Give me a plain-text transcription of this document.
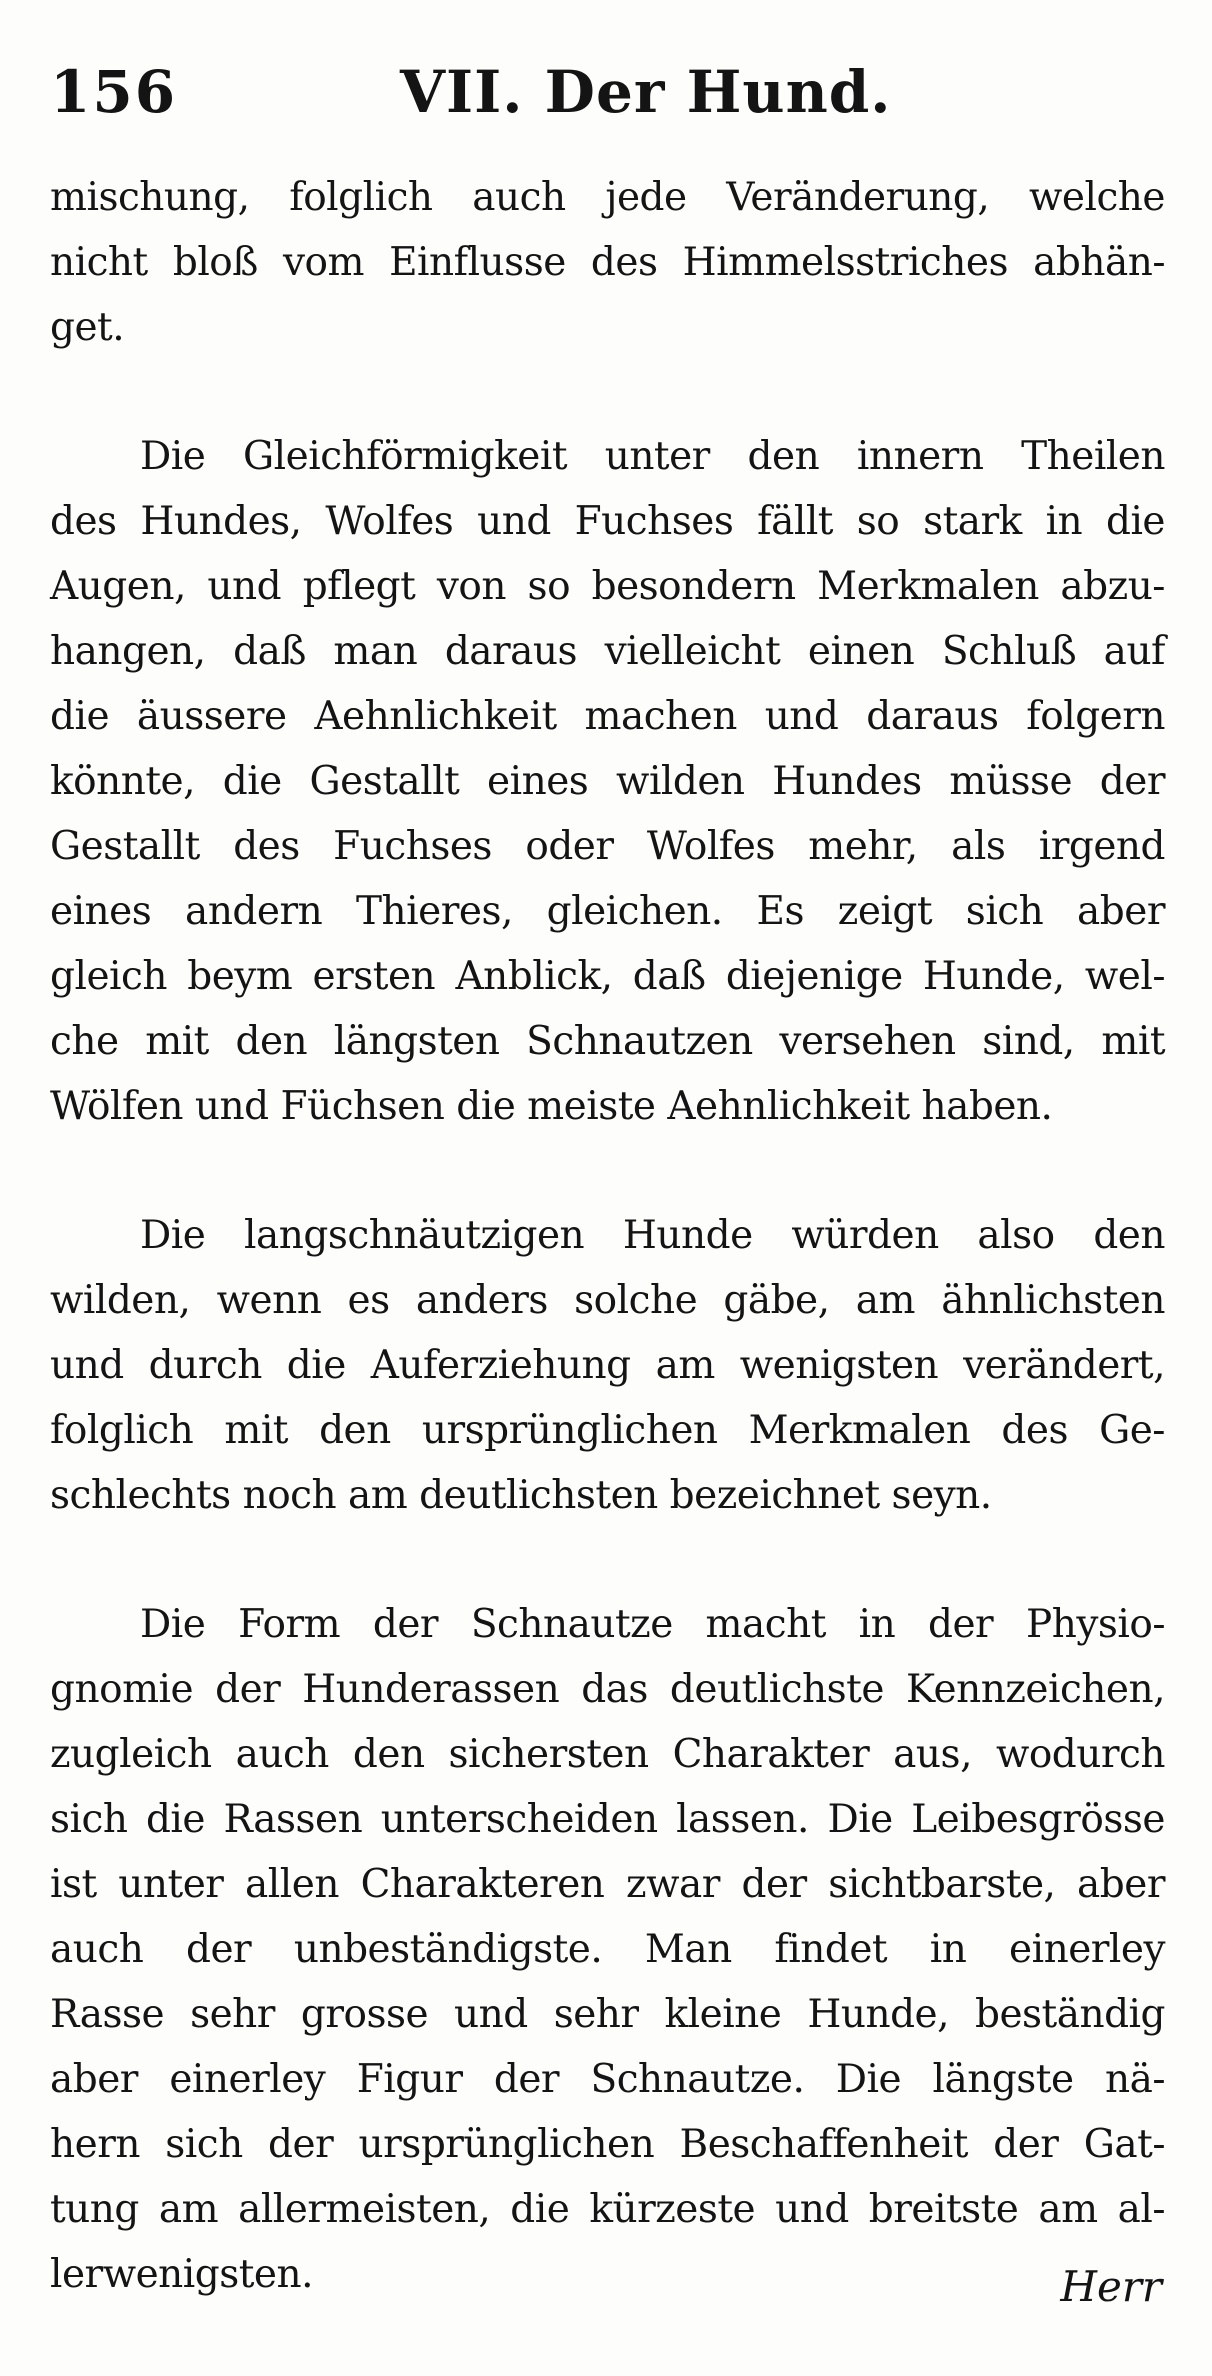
156	VII. Der Hund.
mischung, folglich auch jede Veränderung, welche
nicht bloß vom Einflusse des Himmelsstriches abhän-
get.
Die Gleichförmigkeit unter den innern Theilen
des Hundes, Wolfes und Fuchses fällt so stark in die
Augen, und pflegt von so besondern Merkmalen abzu-
hangen, daß man daraus vielleicht einen Schluß auf
die äussere Aehnlichkeit machen und daraus folgern
könnte, die Gestallt eines wilden Hundes müsse der
Gestallt des Fuchses oder Wolfes mehr, als irgend
eines andern Thieres, gleichen. Es zeigt sich aber
gleich beym ersten Anblick, daß diejenige Hunde, wel-
che mit den längsten Schnautzen versehen sind, mit
Wölfen und Füchsen die meiste Aehnlichkeit haben.
Die langschnäutzigen Hunde würden also den
wilden, wenn es anders solche gäbe, am ähnlichsten
und durch die Auferziehung am wenigsten verändert,
folglich mit den ursprünglichen Merkmalen des Ge-
schlechts noch am deutlichsten bezeichnet seyn.
Die Form der Schnautze macht in der Physio-
gnomie der Hunderassen das deutlichste Kennzeichen,
zugleich auch den sichersten Charakter aus, wodurch
sich die Rassen unterscheiden lassen. Die Leibesgrösse
ist unter allen Charakteren zwar der sichtbarste, aber
auch der unbeständigste. Man findet in einerley
Rasse sehr grosse und sehr kleine Hunde, beständig
aber einerley Figur der Schnautze. Die längste nä-
hern sich der ursprünglichen Beschaffenheit der Gat-
tung am allermeisten, die kürzeste und breitste am al-
lerwenigsten.	Herr
